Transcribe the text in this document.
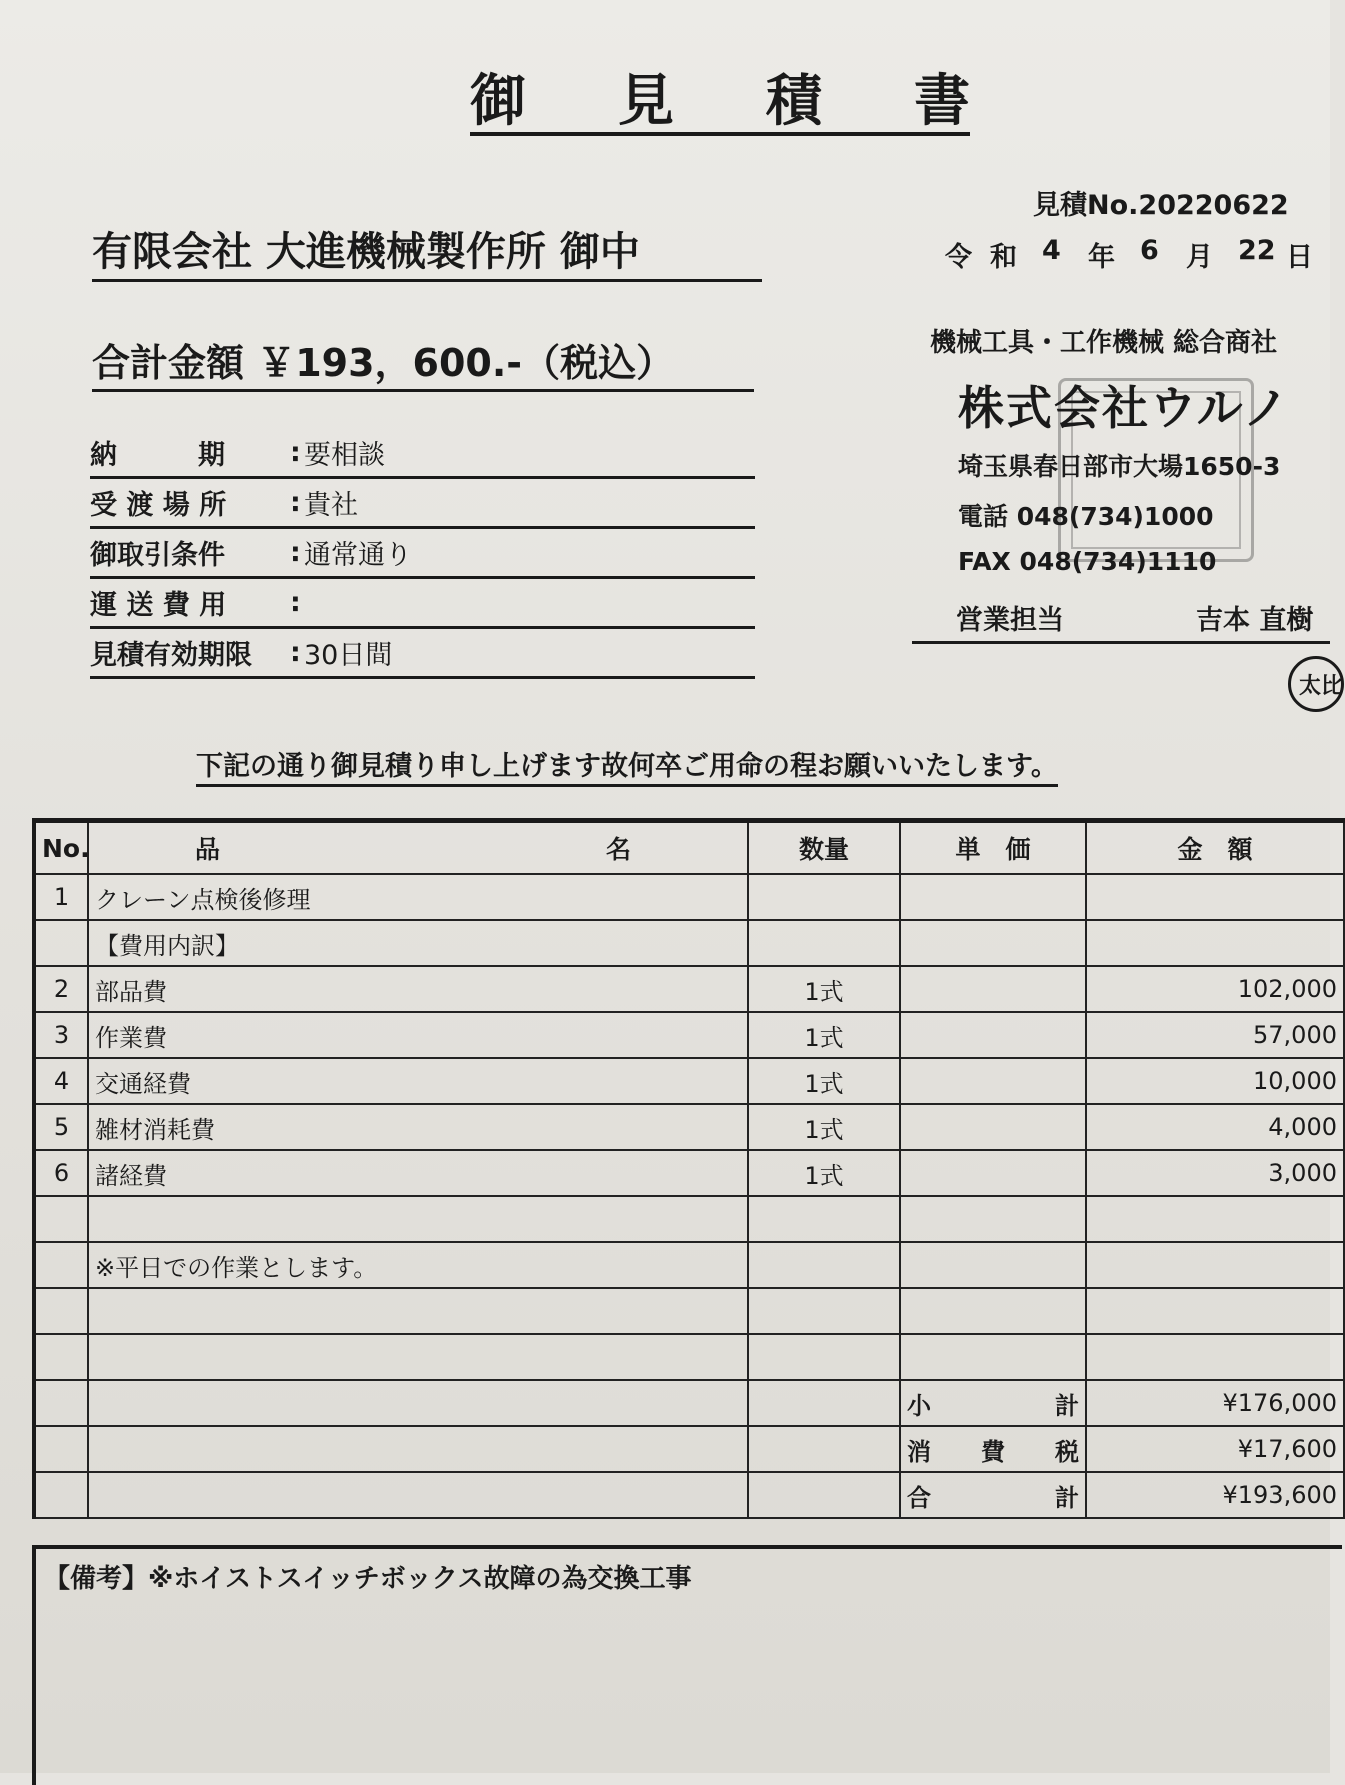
御 見 積 書
見積No.20220622
令 和 4	年 6	月 22 日
有限会社 大進機械製作所 御中
合計金額 ￥193，600.-（税込）
納　　　期	: 要相談
受 渡 場 所	: 貴社
御取引条件	: 通常通り
運 送 費 用	:
見積有効期限	: 30日間
機械工具・工作機械 総合商社
株式会社ウルノ
埼玉県春日部市大場1650-3
電話 048(734)1000
FAX 048(734)1110
営業担当	吉本 直樹
太比
下記の通り御見積り申し上げます故何卒ご用命の程お願いいたします。
No.	品 名	数量	単　価	金　額
1	クレーン点検後修理			
	【費用内訳】			
2	部品費	1式		102,000
3	作業費	1式		57,000
4	交通経費	1式		10,000
5	雑材消耗費	1式		4,000
6	諸経費	1式		3,000

	※平日での作業とします。			

			小 計	¥176,000

			消 費 税	¥17,600

			合 計	¥193,600
【備考】※ホイストスイッチボックス故障の為交換工事
